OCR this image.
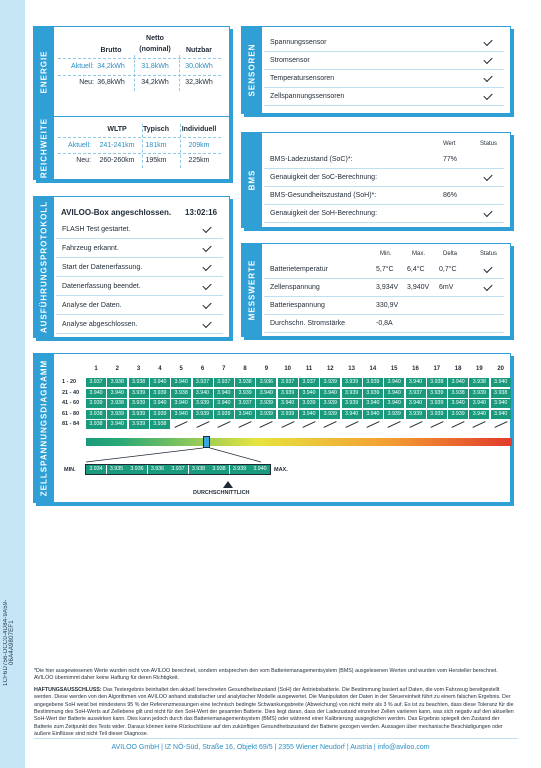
1CF6D756-DCC0-4D84-9A59-06A4A9807EF1
ENERGIE	Brutto
Netto
(nominal)	Nutzbar
Aktuell: 34,2kWh	31,8kWh	30,0kWh
Neu: 36,8kWh	34,2kWh	32,3kWh
REICHWEITE	WLTP	Typisch	Individuell
Aktuell:	241-241km	181km	209km
Neu:	260-260km	195km	225km
AUSFÜHRUNGSPROTOKOLL AVILOO-Box angeschlossen. 13:02:16
FLASH Test gestartet.
Fahrzeug erkannt.
Start der Datenerfassung.
Datenerfassung beendet.
Analyse der Daten.
Analyse abgeschlossen.
SENSOREN
Spannungssensor
Stromsensor
Temperatursensoren
Zellspannungssensoren
BMS
Wert	Status
BMS-Ladezustand (SoC)*:	77%
Genauigkeit der SoC-Berechnung:
BMS-Gesundheitszustand (SoH)*:	86%
Genauigkeit der SoH-Berechnung:
MESSWERTE
Min.	Max.	Delta	Status
Batterietemperatur	5,7°C 6,4°C 0,7°C
Zellenspannung	3,934V 3,940V 6mV
Batteriespannung	330,9V
Durchschn. Stromstärke	-0,8A
ZELLSPANNUNGSDIAGRAMM	1	2	3	4	5	6	7	8	9	10	11	12	13	14	15	16	17	18	19	20
1 - 20	3.937	3.938	3.938	3.940	3.940	3.937	3.937	3.938	3.936	3.937	3.937	3.939	3.939	3.939	3.940	3.940	3.938	3.940	3.938	3.940
21 - 40	3.940	3.940	3.939	3.939	3.938	3.940	3.940	3.939	3.940	3.939	3.940	3.940	3.939	3.939	3.940	3.937	3.939	3.938	3.939	3.938
41 - 60	3.939	3.938	3.939	3.940	3.940	3.939	3.940	3.937	3.939	3.940	3.939	3.939	3.939	3.940	3.940	3.940	3.939	3.940	3.940	3.940
61 - 80	3.938	3.939	3.939	3.939	3.940	3.939	3.939	3.940	3.939	3.939	3.940	3.939	3.940	3.940	3.939	3.939	3.939	3.939	3.940	3.940
81 - 84	3.938	3.940	3.939	3.938
MIN.	3.934	3.935	3.936	3.936	3.937	3.938	3.938	3.939	3.940	MAX.
DURCHSCHNITTLICH
*Die hier ausgewiesenen Werte wurden nicht von AVILOO berechnet, sondern entsprechen den vom Batteriemanagementsystem (BMS) ausgelesenen Werten und wurden vom Hersteller berechnet. AVILOO übernimmt daher keine Haftung für deren Richtigkeit.
HAFTUNGSAUSSCHLUSS: Das Testergebnis beinhaltet den aktuell berechneten Gesundheitszustand (SoH) der Antriebsbatterie. Die Bestimmung basiert auf Daten, die vom Fahrzeug bereitgestellt werden. Diese werden von den Algorithmen von AVILOO anhand statistischer und analytischer Modelle ausgewertet. Die Manipulation der Daten in der Steuereinheit führt zu einem falschen Ergebnis. Der angegebene SoH weist bei mindestens 95 % der Referenzmessungen eine technisch bedingte Schwankungsbreite (Abweichung) von nicht mehr als 3 % auf. Es ist zu beachten, dass diese Toleranz für die Bestimmung des SoH-Werts auf Zellebene gilt und nicht für den SoH-Wert der gesamten Batterie. Dies liegt daran, dass der Ladezustand einzelner Zellen variieren kann, was sich negativ auf den aktuellen SoH-Wert der Batterie auswirken kann. Dies kann jedoch durch das Batteriemanagementsystem (BMS) oder während einer Kalibrierung ausgeglichen werden. Das Ergebnis spiegelt den Zustand der Batterie zum Zeitpunkt des Tests wider. Daraus können keine Rückschlüsse auf den zukünftigen Gesundheitszustand der Batterie gezogen werden. Aussagen über mechanische Beschädigungen oder äußere Einflüsse sind nicht Teil dieser Diagnose.
AVILOO GmbH | IZ NÖ-Süd, Straße 16, Objekt 69/5 | 2355 Wiener Neudorf | Austria | info@aviloo.com
